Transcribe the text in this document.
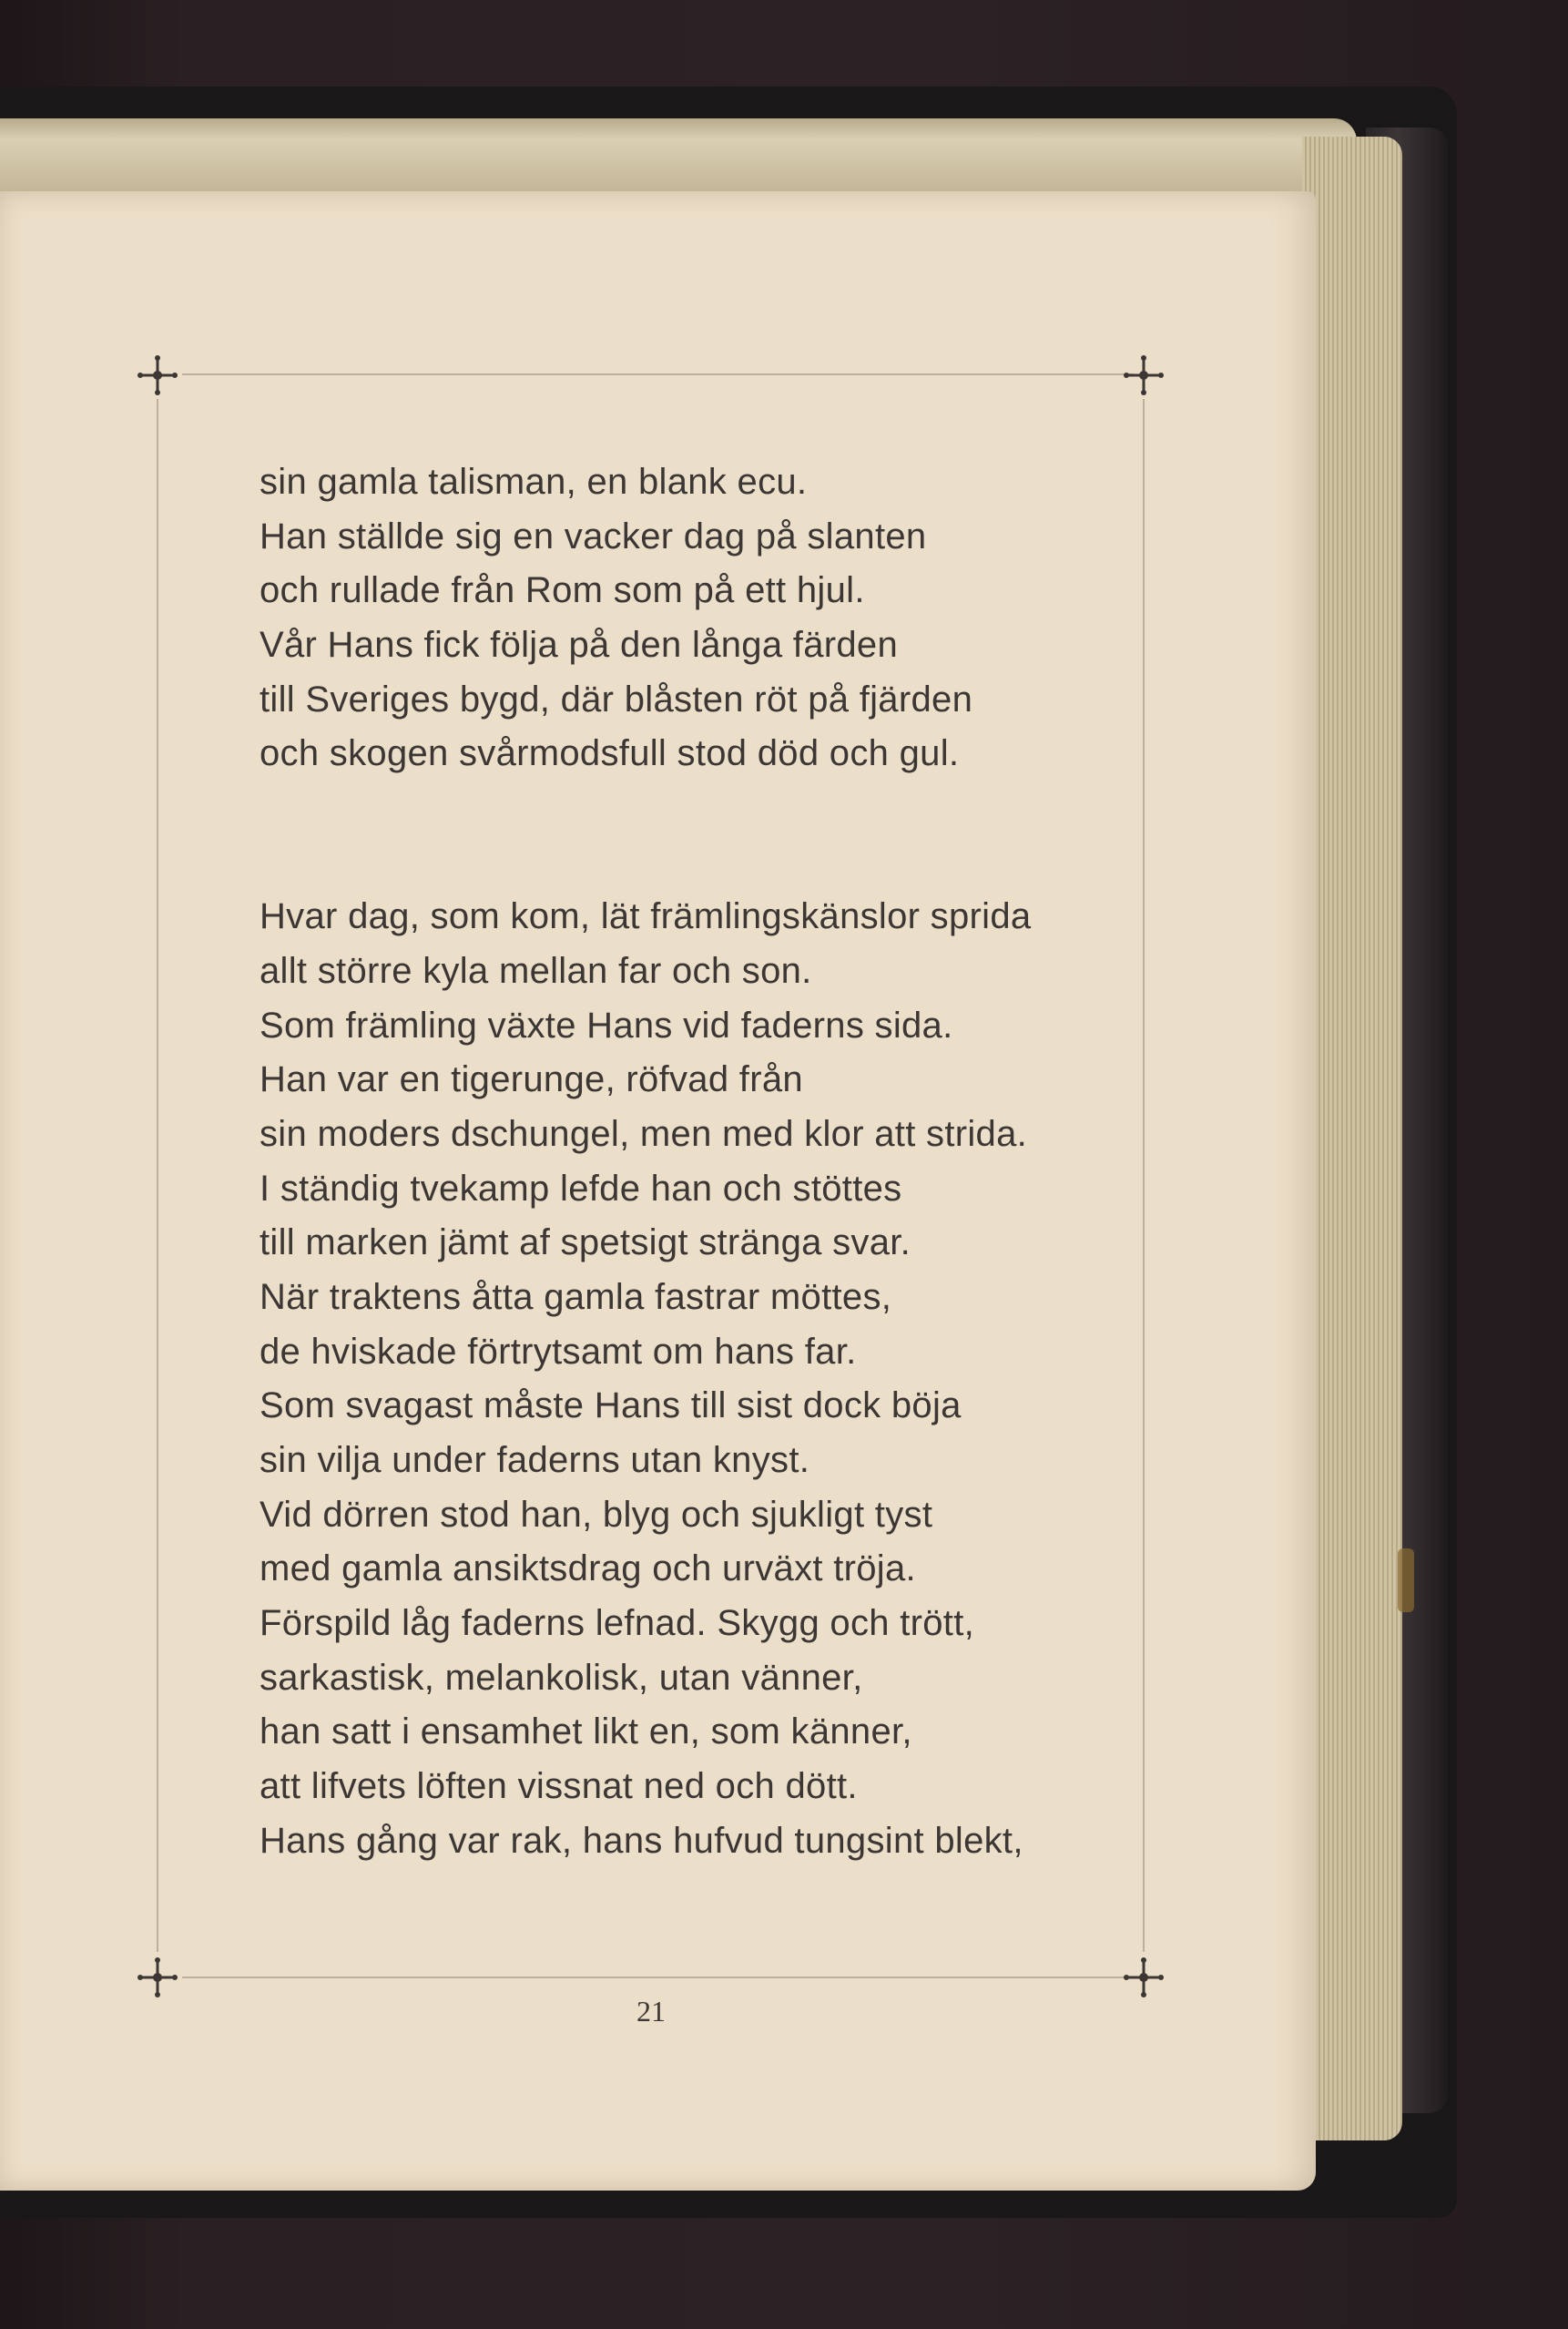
sin gamla talisman, en blank ecu.
Han ställde sig en vacker dag på slanten
och rullade från Rom som på ett hjul.
Vår Hans fick följa på den långa färden
till Sveriges bygd, där blåsten röt på fjärden
och skogen svårmodsfull stod död och gul.
Hvar dag, som kom, lät främlingskänslor sprida
allt större kyla mellan far och son.
Som främling växte Hans vid faderns sida.
Han var en tigerunge, röfvad från
sin moders dschungel, men med klor att strida.
I ständig tvekamp lefde han och stöttes
till marken jämt af spetsigt stränga svar.
När traktens åtta gamla fastrar möttes,
de hviskade förtrytsamt om hans far.
Som svagast måste Hans till sist dock böja
sin vilja under faderns utan knyst.
Vid dörren stod han, blyg och sjukligt tyst
med gamla ansiktsdrag och urväxt tröja.
Förspild låg faderns lefnad. Skygg och trött,
sarkastisk, melankolisk, utan vänner,
han satt i ensamhet likt en, som känner,
att lifvets löften vissnat ned och dött.
Hans gång var rak, hans hufvud tungsint blekt,
21
